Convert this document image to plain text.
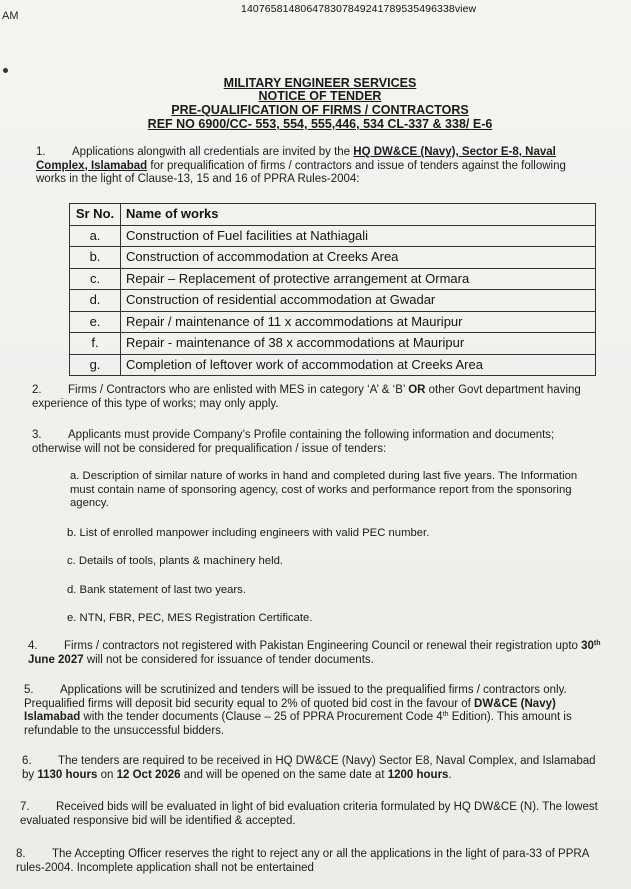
AM
14076581480647830784924178953549633​8view
MILITARY ENGINEER SERVICES
NOTICE OF TENDER
PRE-QUALIFICATION OF FIRMS / CONTRACTORS
REF NO 6900/CC- 553, 554, 555,446, 534 CL-337 & 338/ E-6
1. Applications alongwith all credentials are invited by the HQ DW&CE (Navy), Sector E-8, Naval Complex, Islamabad for prequalification of firms / contractors and issue of tenders against the following works in the light of Clause-13, 15 and 16 of PPRA Rules-2004:
Sr No.	Name of works
a.	Construction of Fuel facilities at Nathiagali
b.	Construction of accommodation at Creeks Area
c.	Repair – Replacement of protective arrangement at Ormara
d.	Construction of residential accommodation at Gwadar
e.	Repair / maintenance of 11 x accommodations at Mauripur
f.	Repair - maintenance of 38 x accommodations at Mauripur
g.	Completion of leftover work of accommodation at Creeks Area
2. Firms / Contractors who are enlisted with MES in category ‘A’ & ‘B’ OR other Govt department having experience of this type of works; may only apply.
3. Applicants must provide Company’s Profile containing the following information and documents; otherwise will not be considered for prequalification / issue of tenders:
a. Description of similar nature of works in hand and completed during last five years. The Information must contain name of sponsoring agency, cost of works and performance report from the sponsoring agency.
b. List of enrolled manpower including engineers with valid PEC number.
c. Details of tools, plants & machinery held.
d. Bank statement of last two years.
e. NTN, FBR, PEC, MES Registration Certificate.
4. Firms / contractors not registered with Pakistan Engineering Council or renewal their registration upto 30th June 2027 will not be considered for issuance of tender documents.
5. Applications will be scrutinized and tenders will be issued to the prequalified firms / contractors only. Prequalified firms will deposit bid security equal to 2% of quoted bid cost in the favour of DW&CE (Navy) Islamabad with the tender documents (Clause – 25 of PPRA Procurement Code 4th Edition). This amount is refundable to the unsuccessful bidders.
6. The tenders are required to be received in HQ DW&CE (Navy) Sector E8, Naval Complex, and Islamabad by 1130 hours on 12 Oct 2026 and will be opened on the same date at 1200 hours.
7. Received bids will be evaluated in light of bid evaluation criteria formulated by HQ DW&CE (N). The lowest evaluated responsive bid will be identified & accepted.
8. The Accepting Officer reserves the right to reject any or all the applications in the light of para-33 of PPRA rules-2004. Incomplete application shall not be entertained
